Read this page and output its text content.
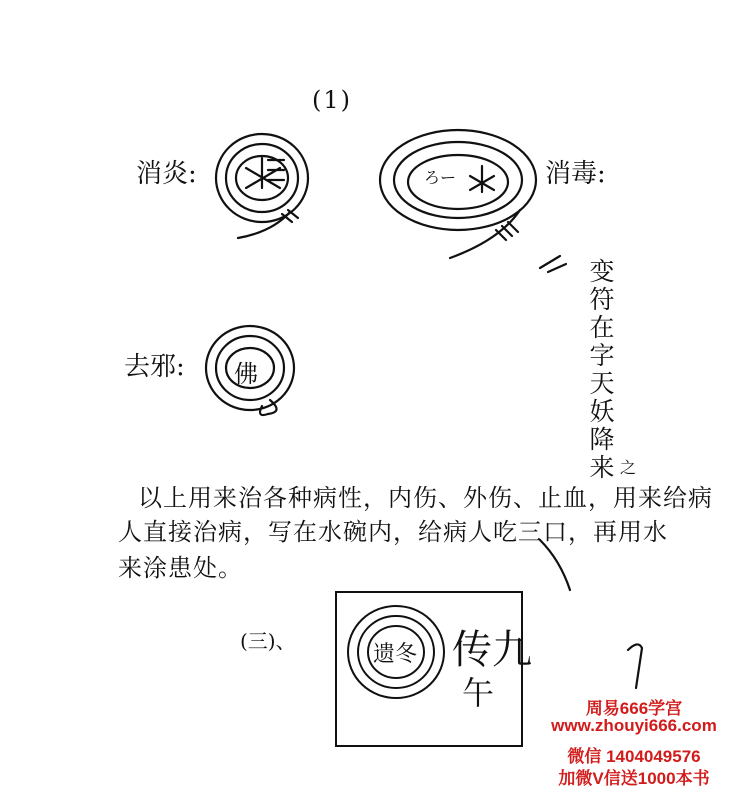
(1)
消炎:	消毒:
去邪: 佛
遗冬
ろー
变符在字天妖降来 之
以上用来治各种病性，内伤、外伤、止血，用来给病
人直接治病，写在水碗内，给病人吃三口，再用水
来涂患处。
(三)、	传九
午	周易666学宫
www.zhouyi666.com
微信 1404049576
加微V信送1000本书
